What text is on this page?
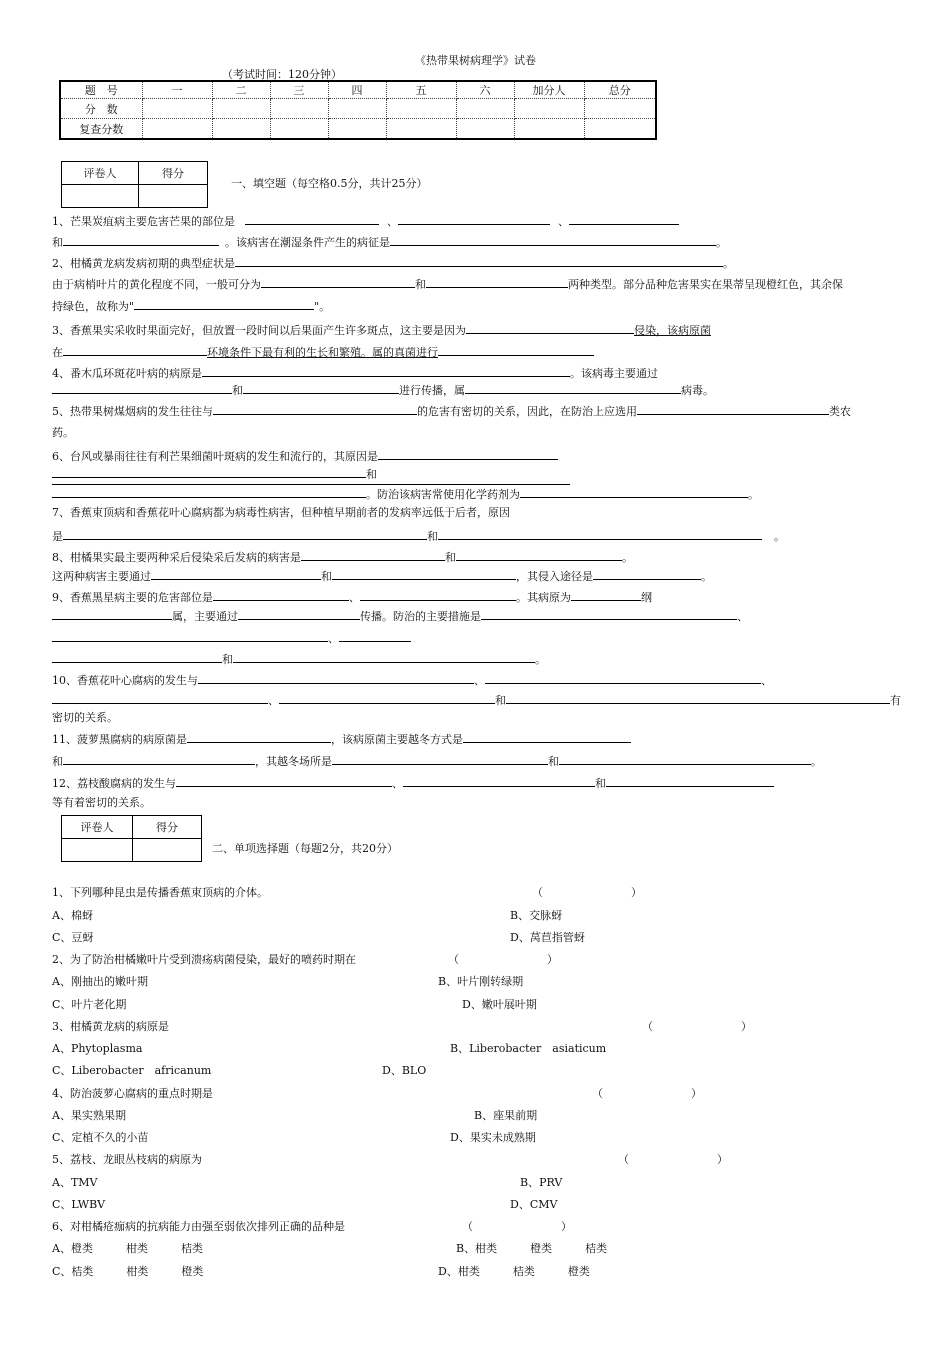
《热带果树病理学》试卷
（考试时间：120分钟）
题　号	一	二	三	四	五	六	加分人	总分
分　数								
复查分数								
评卷人	得分

一、填空题（每空格0.5分，共计25分）
1、芒果炭疽病主要危害芒果的部位是	、	、
和	。该病害在潮湿条件产生的病征是	。
2、柑橘黄龙病发病初期的典型症状是	。
由于病梢叶片的黄化程度不同，一般可分为	和	两种类型。部分品种危害果实在果蒂呈现橙红色，其余保
持绿色，故称为"	"。
3、香蕉果实采收时果面完好，但放置一段时间以后果面产生许多斑点，这主要是因为	侵染，该病原菌
在	环境条件下最有利的生长和繁殖。属的真菌进行
4、番木瓜环斑花叶病的病原是	。该病毒主要通过
和	进行传播，属	病毒。
5、热带果树煤烟病的发生往往与	的危害有密切的关系，因此，在防治上应选用	类农
药。
6、台风或暴雨往往有利芒果细菌叶斑病的发生和流行的，其原因是
和
。防治该病害常使用化学药剂为	。
7、香蕉束顶病和香蕉花叶心腐病都为病毒性病害，但种植早期前者的发病率远低于后者，原因
是	和	。
8、柑橘果实最主要两种采后侵染采后发病的病害是	和	。
这两种病害主要通过	和	，其侵入途径是	。
9、香蕉黑星病主要的危害部位是	、	。其病原为	纲
属，主要通过	传播。防治的主要措施是	、
、
和	。
10、香蕉花叶心腐病的发生与	、	、
、	和	有
密切的关系。
11、菠萝黑腐病的病原菌是	，该病原菌主要越冬方式是
和	，其越冬场所是	和	。
12、荔枝酸腐病的发生与	、	和
等有着密切的关系。
评卷人	得分

二、单项选择题（每题2分，共20分）
1、下列哪种昆虫是传播香蕉束顶病的介体。	（　　　　　　　　）
A、棉蚜	B、交脉蚜
C、豆蚜	D、莴苣指管蚜
2、为了防治柑橘嫩叶片受到溃疡病菌侵染，最好的喷药时期在	（　　　　　　　　）
A、刚抽出的嫩叶期	B、叶片刚转绿期
C、叶片老化期	D、嫩叶展叶期
3、柑橘黄龙病的病原是	（　　　　　　　　）
A、Phytoplasma	B、Liberobacter　asiaticum
C、Liberobacter　africanum	D、BLO
4、防治菠萝心腐病的重点时期是	（　　　　　　　　）
A、果实熟果期	B、座果前期
C、定植不久的小苗	D、果实未成熟期
5、荔枝、龙眼丛枝病的病原为	（　　　　　　　　）
A、TMV	B、PRV
C、LWBV	D、CMV
6、对柑橘疮痂病的抗病能力由强至弱依次排列正确的品种是	（　　　　　　　　）
A、橙类　　　柑类　　　桔类	B、柑类　　　橙类　　　桔类
C、桔类　　　柑类　　　橙类	D、柑类　　　桔类　　　橙类
